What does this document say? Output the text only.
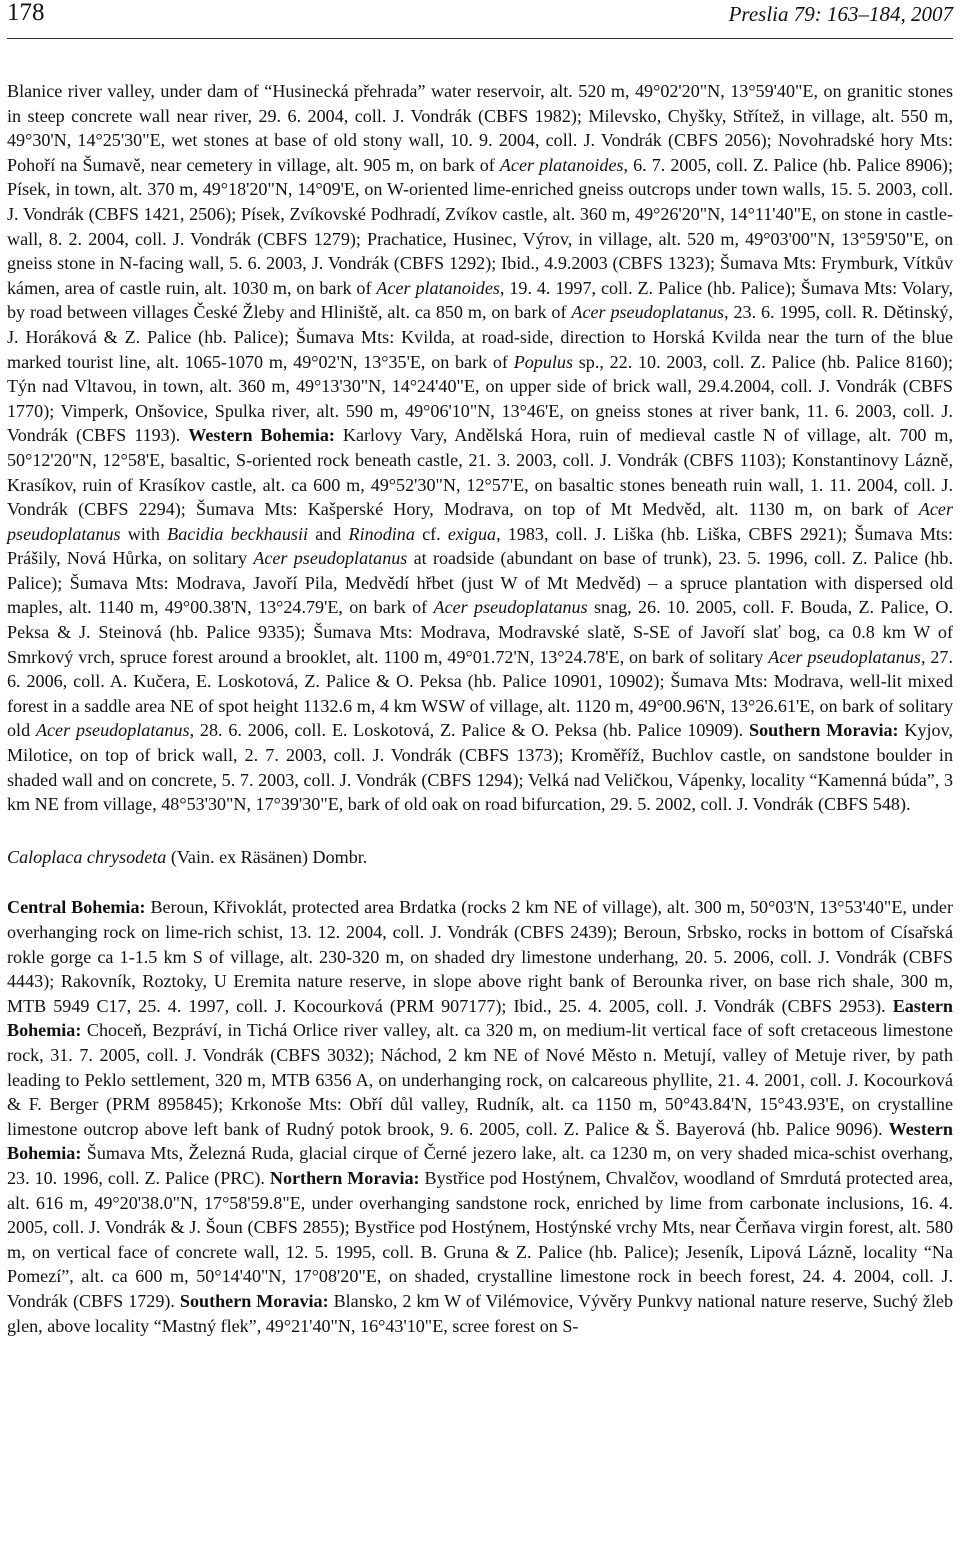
178	Preslia 79: 163–184, 2007

Blanice river valley, under dam of “Husinecká přehrada” water reservoir, alt. 520 m, 49°02'20"N, 13°59'40"E, on granitic stones in steep concrete wall near river, 29. 6. 2004, coll. J. Vondrák (CBFS 1982); Milevsko, Chyšky, Střítež, in village, alt. 550 m, 49°30'N, 14°25'30"E, wet stones at base of old stony wall, 10. 9. 2004, coll. J. Vondrák (CBFS 2056); Novohradské hory Mts: Pohoří na Šumavě, near cemetery in village, alt. 905 m, on bark of Acer platanoides, 6. 7. 2005, coll. Z. Palice (hb. Palice 8906); Písek, in town, alt. 370 m, 49°18'20"N, 14°09'E, on W-oriented lime-enriched gneiss outcrops under town walls, 15. 5. 2003, coll. J. Vondrák (CBFS 1421, 2506); Písek, Zvíkovské Podhradí, Zvíkov castle, alt. 360 m, 49°26'20"N, 14°11'40"E, on stone in castle-wall, 8. 2. 2004, coll. J. Vondrák (CBFS 1279); Prachatice, Husinec, Výrov, in village, alt. 520 m, 49°03'00"N, 13°59'50"E, on gneiss stone in N-facing wall, 5. 6. 2003, J. Vondrák (CBFS 1292); Ibid., 4.9.2003 (CBFS 1323); Šumava Mts: Frymburk, Vítkův kámen, area of castle ruin, alt. 1030 m, on bark of Acer platanoides, 19. 4. 1997, coll. Z. Palice (hb. Palice); Šumava Mts: Volary, by road between villages České Žleby and Hliniště, alt. ca 850 m, on bark of Acer pseudoplatanus, 23. 6. 1995, coll. R. Dětinský, J. Horáková & Z. Palice (hb. Palice); Šumava Mts: Kvilda, at road-side, direction to Horská Kvilda near the turn of the blue marked tourist line, alt. 1065-1070 m, 49°02'N, 13°35'E, on bark of Populus sp., 22. 10. 2003, coll. Z. Palice (hb. Palice 8160); Týn nad Vltavou, in town, alt. 360 m, 49°13'30"N, 14°24'40"E, on upper side of brick wall, 29.4.2004, coll. J. Vondrák (CBFS 1770); Vimperk, Onšovice, Spulka river, alt. 590 m, 49°06'10"N, 13°46'E, on gneiss stones at river bank, 11. 6. 2003, coll. J. Vondrák (CBFS 1193). Western Bohemia: Karlovy Vary, Andělská Hora, ruin of medieval castle N of village, alt. 700 m, 50°12'20"N, 12°58'E, basaltic, S-oriented rock beneath castle, 21. 3. 2003, coll. J. Vondrák (CBFS 1103); Konstantinovy Lázně, Krasíkov, ruin of Krasíkov castle, alt. ca 600 m, 49°52'30"N, 12°57'E, on basaltic stones beneath ruin wall, 1. 11. 2004, coll. J. Vondrák (CBFS 2294); Šumava Mts: Kašperské Hory, Modrava, on top of Mt Medvěd, alt. 1130 m, on bark of Acer pseudoplatanus with Bacidia beckhausii and Rinodina cf. exigua, 1983, coll. J. Liška (hb. Liška, CBFS 2921); Šumava Mts: Prášily, Nová Hůrka, on solitary Acer pseudoplatanus at roadside (abundant on base of trunk), 23. 5. 1996, coll. Z. Palice (hb. Palice); Šumava Mts: Modrava, Javoří Pila, Medvědí hřbet (just W of Mt Medvěd) – a spruce plantation with dispersed old maples, alt. 1140 m, 49°00.38'N, 13°24.79'E, on bark of Acer pseudoplatanus snag, 26. 10. 2005, coll. F. Bouda, Z. Palice, O. Peksa & J. Steinová (hb. Palice 9335); Šumava Mts: Modrava, Modravské slatě, S-SE of Javoří slať bog, ca 0.8 km W of Smrkový vrch, spruce forest around a brooklet, alt. 1100 m, 49°01.72'N, 13°24.78'E, on bark of solitary Acer pseudoplatanus, 27. 6. 2006, coll. A. Kučera, E. Loskotová, Z. Palice & O. Peksa (hb. Palice 10901, 10902); Šumava Mts: Modrava, well-lit mixed forest in a saddle area NE of spot height 1132.6 m, 4 km WSW of village, alt. 1120 m, 49°00.96'N, 13°26.61'E, on bark of solitary old Acer pseudoplatanus, 28. 6. 2006, coll. E. Loskotová, Z. Palice & O. Peksa (hb. Palice 10909). Southern Moravia: Kyjov, Milotice, on top of brick wall, 2. 7. 2003, coll. J. Vondrák (CBFS 1373); Kroměříž, Buchlov castle, on sandstone boulder in shaded wall and on concrete, 5. 7. 2003, coll. J. Vondrák (CBFS 1294); Velká nad Veličkou, Vápenky, locality “Kamenná búda”, 3 km NE from village, 48°53'30"N, 17°39'30"E, bark of old oak on road bifurcation, 29. 5. 2002, coll. J. Vondrák (CBFS 548).

Caloplaca chrysodeta (Vain. ex Räsänen) Dombr.

Central Bohemia: Beroun, Křivoklát, protected area Brdatka (rocks 2 km NE of village), alt. 300 m, 50°03'N, 13°53'40"E, under overhanging rock on lime-rich schist, 13. 12. 2004, coll. J. Vondrák (CBFS 2439); Beroun, Srbsko, rocks in bottom of Císařská rokle gorge ca 1-1.5 km S of village, alt. 230-320 m, on shaded dry limestone underhang, 20. 5. 2006, coll. J. Vondrák (CBFS 4443); Rakovník, Roztoky, U Eremita nature reserve, in slope above right bank of Berounka river, on base rich shale, 300 m, MTB 5949 C17, 25. 4. 1997, coll. J. Kocourková (PRM 907177); Ibid., 25. 4. 2005, coll. J. Vondrák (CBFS 2953). Eastern Bohemia: Choceň, Bezpráví, in Tichá Orlice river valley, alt. ca 320 m, on medium-lit vertical face of soft cretaceous limestone rock, 31. 7. 2005, coll. J. Vondrák (CBFS 3032); Náchod, 2 km NE of Nové Město n. Metují, valley of Metuje river, by path leading to Peklo settlement, 320 m, MTB 6356 A, on underhanging rock, on calcareous phyllite, 21. 4. 2001, coll. J. Kocourková & F. Berger (PRM 895845); Krkonoše Mts: Obří důl valley, Rudník, alt. ca 1150 m, 50°43.84'N, 15°43.93'E, on crystalline limestone outcrop above left bank of Rudný potok brook, 9. 6. 2005, coll. Z. Palice & Š. Bayerová (hb. Palice 9096). Western Bohemia: Šumava Mts, Železná Ruda, glacial cirque of Černé jezero lake, alt. ca 1230 m, on very shaded mica-schist overhang, 23. 10. 1996, coll. Z. Palice (PRC). Northern Moravia: Bystřice pod Hostýnem, Chvalčov, woodland of Smrdutá protected area, alt. 616 m, 49°20'38.0"N, 17°58'59.8"E, under overhanging sandstone rock, enriched by lime from carbonate inclusions, 16. 4. 2005, coll. J. Vondrák & J. Šoun (CBFS 2855); Bystřice pod Hostýnem, Hostýnské vrchy Mts, near Čerňava virgin forest, alt. 580 m, on vertical face of concrete wall, 12. 5. 1995, coll. B. Gruna & Z. Palice (hb. Palice); Jeseník, Lipová Lázně, locality “Na Pomezí”, alt. ca 600 m, 50°14'40"N, 17°08'20"E, on shaded, crystalline limestone rock in beech forest, 24. 4. 2004, coll. J. Vondrák (CBFS 1729). Southern Moravia: Blansko, 2 km W of Vilémovice, Vývěry Punkvy national nature reserve, Suchý žleb glen, above locality “Mastný flek”, 49°21'40"N, 16°43'10"E, scree forest on S-
